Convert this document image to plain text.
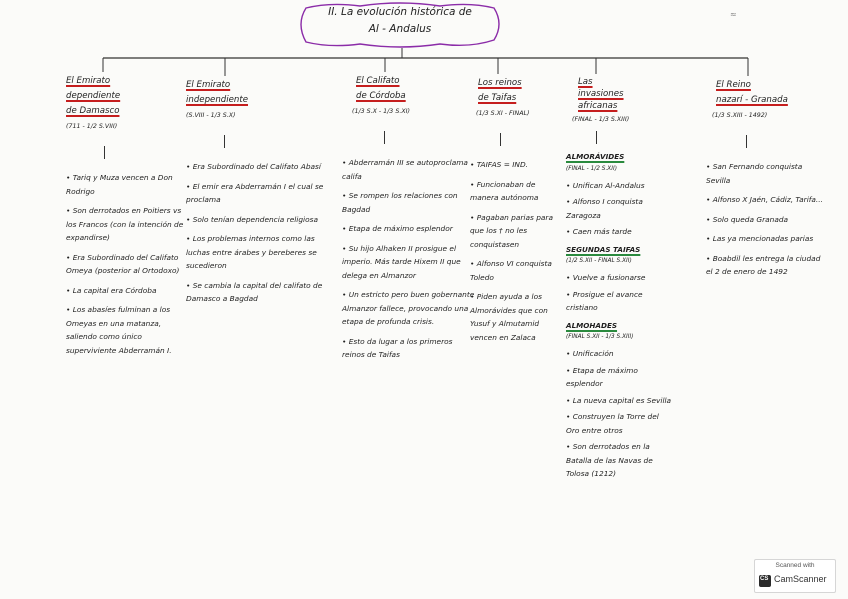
II. La evolución histórica de
Al - Andalus
≈
El Emirato
dependiente
de Damasco
(711 - 1/2 S.VIII)
• Tariq y Muza vencen a Don Rodrigo
• Son derrotados en Poitiers vs los Francos (con la intención de expandirse)
• Era Subordinado del Califato Omeya (posterior al Ortodoxo)
• La capital era Córdoba
• Los abasíes fulminan a los Omeyas en una matanza, saliendo como único superviviente Abderramán I.
El Emirato
independiente
(S.VIII - 1/3 S.X)
• Era Subordinado del Califato Abasí
• El emir era Abderramán I el cual se proclama
• Solo tenían dependencia religiosa
• Los problemas internos como las luchas entre árabes y bereberes se sucedieron
• Se cambia la capital del califato de Damasco a Bagdad
El Califato
de Córdoba
(1/3 S.X - 1/3 S.XI)
• Abderramán III se autoproclama califa
• Se rompen los relaciones con Bagdad
• Etapa de máximo esplendor
• Su hijo Alhaken II prosigue el imperio. Más tarde Hixem II que delega en Almanzor
• Un estricto pero buen gobernante Almanzor fallece, provocando una etapa de profunda crisis.
• Esto da lugar a los primeros reinos de Taifas
Los reinos
de Taifas
(1/3 S.XI - FINAL)
• TAIFAS = IND.
• Funcionaban de manera autónoma
• Pagaban parias para que los † no les conquistasen
• Alfonso VI conquista Toledo
• Piden ayuda a los Almorávides que con Yusuf y Almutamid vencen en Zalaca
Las
invasiones
africanas
(FINAL - 1/3 S.XIII)
ALMORÁVIDES
(FINAL - 1/2 S.XII)
• Unifican Al-Andalus
• Alfonso I conquista Zaragoza
• Caen más tarde
SEGUNDAS TAIFAS
(1/2 S.XII - FINAL S.XII)
• Vuelve a fusionarse
• Prosigue el avance cristiano
ALMOHADES
(FINAL S.XII - 1/3 S.XIII)
• Unificación
• Etapa de máximo esplendor
• La nueva capital es Sevilla
• Construyen la Torre del Oro entre otros
• Son derrotados en la Batalla de las Navas de Tolosa (1212)
El Reino
nazarí - Granada
(1/3 S.XIII - 1492)
• San Fernando conquista Sevilla
• Alfonso X Jaén, Cádiz, Tarifa...
• Solo queda Granada
• Las ya mencionadas parias
• Boabdil les entrega la ciudad el 2 de enero de 1492
Scanned with
CS
CamScanner
